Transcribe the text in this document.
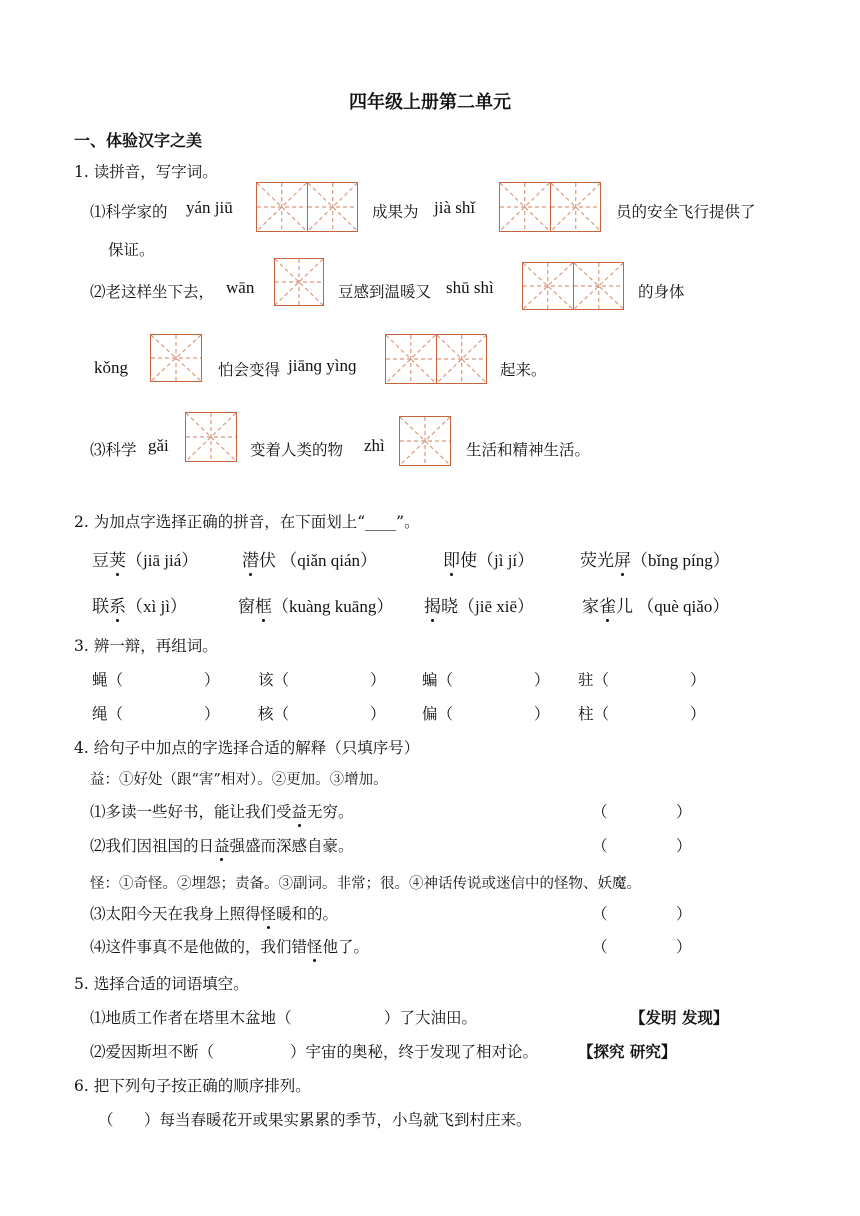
四年级上册第二单元
一、体验汉字之美
1. 读拼音，写字词。
⑴科学家的 yán jiū	成果为 jià shǐ	员的安全飞行提供了
保证。
⑵老这样坐下去， wān	豆感到温暖又 shū shì	的身体
kǒng	怕会变得 jiānɡ yìnɡ	起来。
⑶科学 gǎi	变着人类的物 zhì	生活和精神生活。
2. 为加点字选择正确的拼音，在下面划上“____”。
豆荚（jiā jiá）	潜伏 （qiǎn qián）	即使（jì jí）	荧光屏（bǐng píng）
联系（xì jì）	窗框（kuàng kuāng） 揭晓（jiē xiē）	家雀儿 （què qiǎo）
3. 辨一辩，再组词。
蝇（	） 该（	） 蝙（	） 驻（	）
绳（	） 核（	） 偏（	） 柱（	）
4. 给句子中加点的字选择合适的解释（只填序号）
益：①好处（跟“害”相对）。②更加。③增加。
⑴多读一些好书，能让我们受益无穷。	（	）
⑵我们因祖国的日益强盛而深感自豪。	（	）
怪：①奇怪。②埋怨；责备。③副词。非常；很。④神话传说或迷信中的怪物、妖魔。
⑶太阳今天在我身上照得怪暖和的。	（	）
⑷这件事真不是他做的，我们错怪他了。	（	）
5. 选择合适的词语填空。
⑴地质工作者在塔里木盆地（	）了大油田。	【发明 发现】
⑵爱因斯坦不断（	）宇宙的奥秘，终于发现了相对论。	【探究 研究】
6. 把下列句子按正确的顺序排列。
（ ）每当春暖花开或果实累累的季节，小鸟就飞到村庄来。
